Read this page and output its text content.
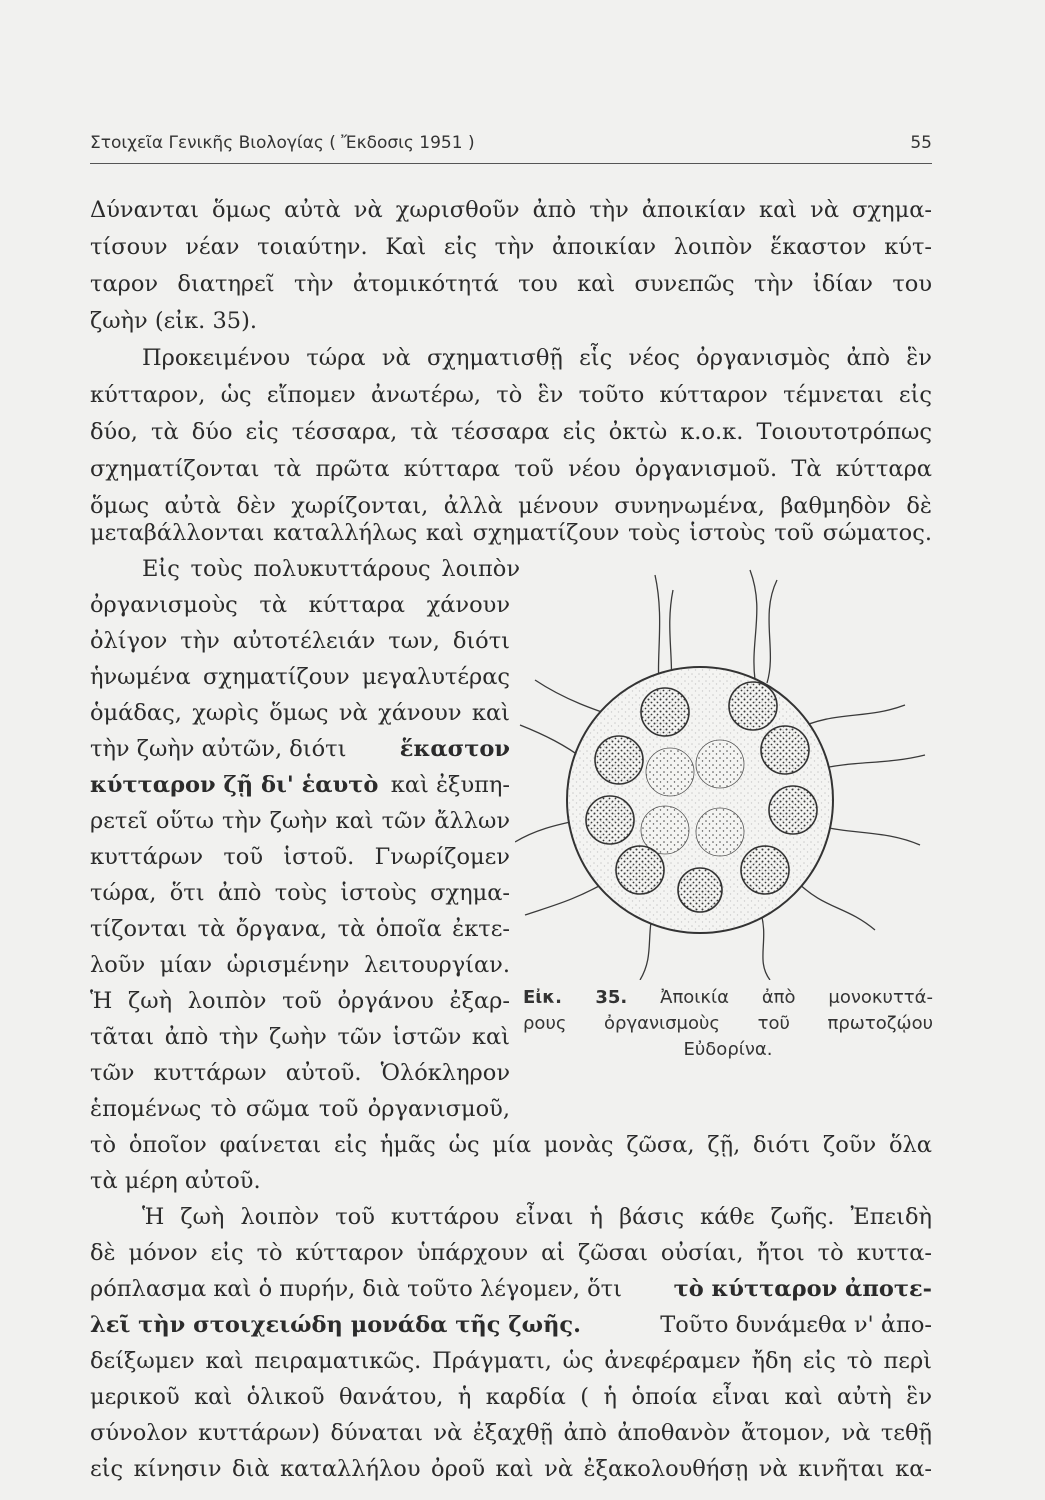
Στοιχεῖα Γενικῆς Βιολογίας ( Ἔκδοσις 1951 )	55
Δύνανται ὅμως αὐτὰ νὰ χωρισθοῦν ἀπὸ τὴν ἀποικίαν καὶ νὰ σχημα-
τίσουν νέαν τοιαύτην. Καὶ εἰς τὴν ἀποικίαν λοιπὸν ἕκαστον κύτ-
ταρον διατηρεῖ τὴν ἀτομικότητά του καὶ συνεπῶς τὴν ἰδίαν του
ζωὴν (εἰκ. 35).
Προκειμένου τώρα νὰ σχηματισθῇ εἷς νέος ὀργανισμὸς ἀπὸ ἓν
κύτταρον, ὡς εἴπομεν ἀνωτέρω, τὸ ἓν τοῦτο κύτταρον τέμνεται εἰς
δύο, τὰ δύο εἰς τέσσαρα, τὰ τέσσαρα εἰς ὀκτὼ κ.ο.κ. Τοιουτοτρόπως
σχηματίζονται τὰ πρῶτα κύτταρα τοῦ νέου ὀργανισμοῦ. Τὰ κύτταρα
ὅμως αὐτὰ δὲν χωρίζονται, ἀλλὰ μένουν συνηνωμένα, βαθμηδὸν δὲ
μεταβάλλονται καταλλήλως καὶ σχηματίζουν τοὺς ἱστοὺς τοῦ σώματος.
Εἰς τοὺς πολυκυττάρους λοιπὸν
ὀργανισμοὺς τὰ κύτταρα χάνουν
ὀλίγον τὴν αὐτοτέλειάν των, διότι
ἡνωμένα σχηματίζουν μεγαλυτέρας
ὁμάδας, χωρὶς ὅμως νὰ χάνουν καὶ
τὴν ζωὴν αὐτῶν, διότι ἕκαστον
κύτταρον ζῇ δι' ἑαυτὸ καὶ ἐξυπη-
ρετεῖ οὕτω τὴν ζωὴν καὶ τῶν ἄλλων
κυττάρων τοῦ ἱστοῦ. Γνωρίζομεν
τώρα, ὅτι ἀπὸ τοὺς ἱστοὺς σχημα-
τίζονται τὰ ὄργανα, τὰ ὁποῖα ἐκτε-
λοῦν μίαν ὡρισμένην λειτουργίαν.
Ἡ ζωὴ λοιπὸν τοῦ ὀργάνου ἐξαρ-
τᾶται ἀπὸ τὴν ζωὴν τῶν ἱστῶν καὶ
τῶν κυττάρων αὐτοῦ. Ὁλόκληρον
ἑπομένως τὸ σῶμα τοῦ ὀργανισμοῦ,
τὸ ὁποῖον φαίνεται εἰς ἡμᾶς ὡς μία μονὰς ζῶσα, ζῇ, διότι ζοῦν ὅλα
τὰ μέρη αὐτοῦ.
Ἡ ζωὴ λοιπὸν τοῦ κυττάρου εἶναι ἡ βάσις κάθε ζωῆς. Ἐπειδὴ
δὲ μόνον εἰς τὸ κύτταρον ὑπάρχουν αἱ ζῶσαι οὐσίαι, ἤτοι τὸ κυττα-
ρόπλασμα καὶ ὁ πυρήν, διὰ τοῦτο λέγομεν, ὅτι τὸ κύτταρον ἀποτε-
λεῖ τὴν στοιχειώδη μονάδα τῆς ζωῆς.	Τοῦτο δυνάμεθα ν' ἀπο-
δείξωμεν καὶ πειραματικῶς. Πράγματι, ὡς ἀνεφέραμεν ἤδη εἰς τὸ περὶ
μερικοῦ καὶ ὁλικοῦ θανάτου, ἡ καρδία ( ἡ ὁποία εἶναι καὶ αὐτὴ ἓν
σύνολον κυττάρων) δύναται νὰ ἐξαχθῇ ἀπὸ ἀποθανὸν ἄτομον, νὰ τεθῇ
εἰς κίνησιν διὰ καταλλήλου ὀροῦ καὶ νὰ ἐξακολουθήσῃ νὰ κινῆται κα-
Εἰκ. 35. Ἀποικία ἀπὸ μονοκυττά-
ρους ὀργανισμοὺς τοῦ πρωτοζῴου
Εὐδορίνα.
